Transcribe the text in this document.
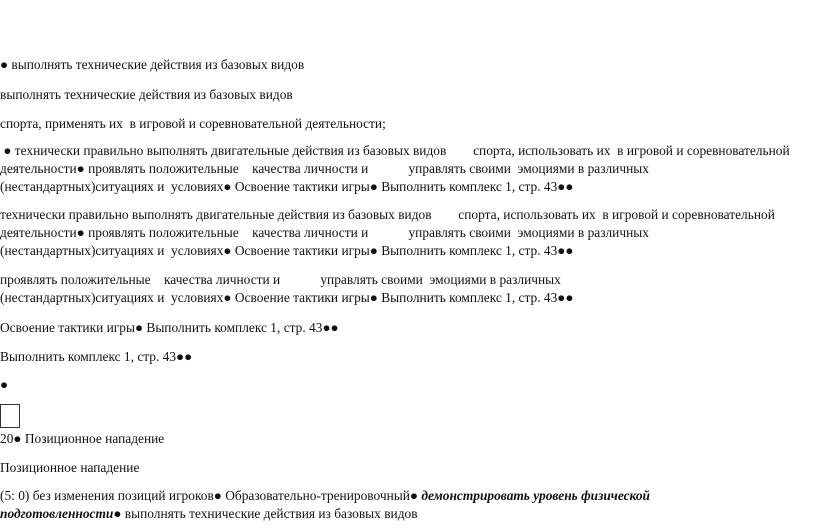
● выполнять технические действия из базовых видов
выполнять технические действия из базовых видов
спорта, применять их  в игровой и соревновательной деятельности;
● технически правильно выполнять двигательные действия из базовых видов        спорта, использовать их  в игровой и соревновательной
деятельности● проявлять положительные    качества личности и            управлять своими  эмоциями в различных
(нестандартных)ситуациях и  условиях● Освоение тактики игры● Выполнить комплекс 1, стр. 43●●
технически правильно выполнять двигательные действия из базовых видов        спорта, использовать их  в игровой и соревновательной
деятельности● проявлять положительные    качества личности и            управлять своими  эмоциями в различных
(нестандартных)ситуациях и  условиях● Освоение тактики игры● Выполнить комплекс 1, стр. 43●●
проявлять положительные    качества личности и            управлять своими  эмоциями в различных
(нестандартных)ситуациях и  условиях● Освоение тактики игры● Выполнить комплекс 1, стр. 43●●
Освоение тактики игры● Выполнить комплекс 1, стр. 43●●
Выполнить комплекс 1, стр. 43●●
●
20● Позиционное нападение
Позиционное нападение
(5: 0) без изменения позиций игроков● Образовательно-тренировочный● демонстрировать уровень физической
подготовленности● выполнять технические действия из базовых видов
